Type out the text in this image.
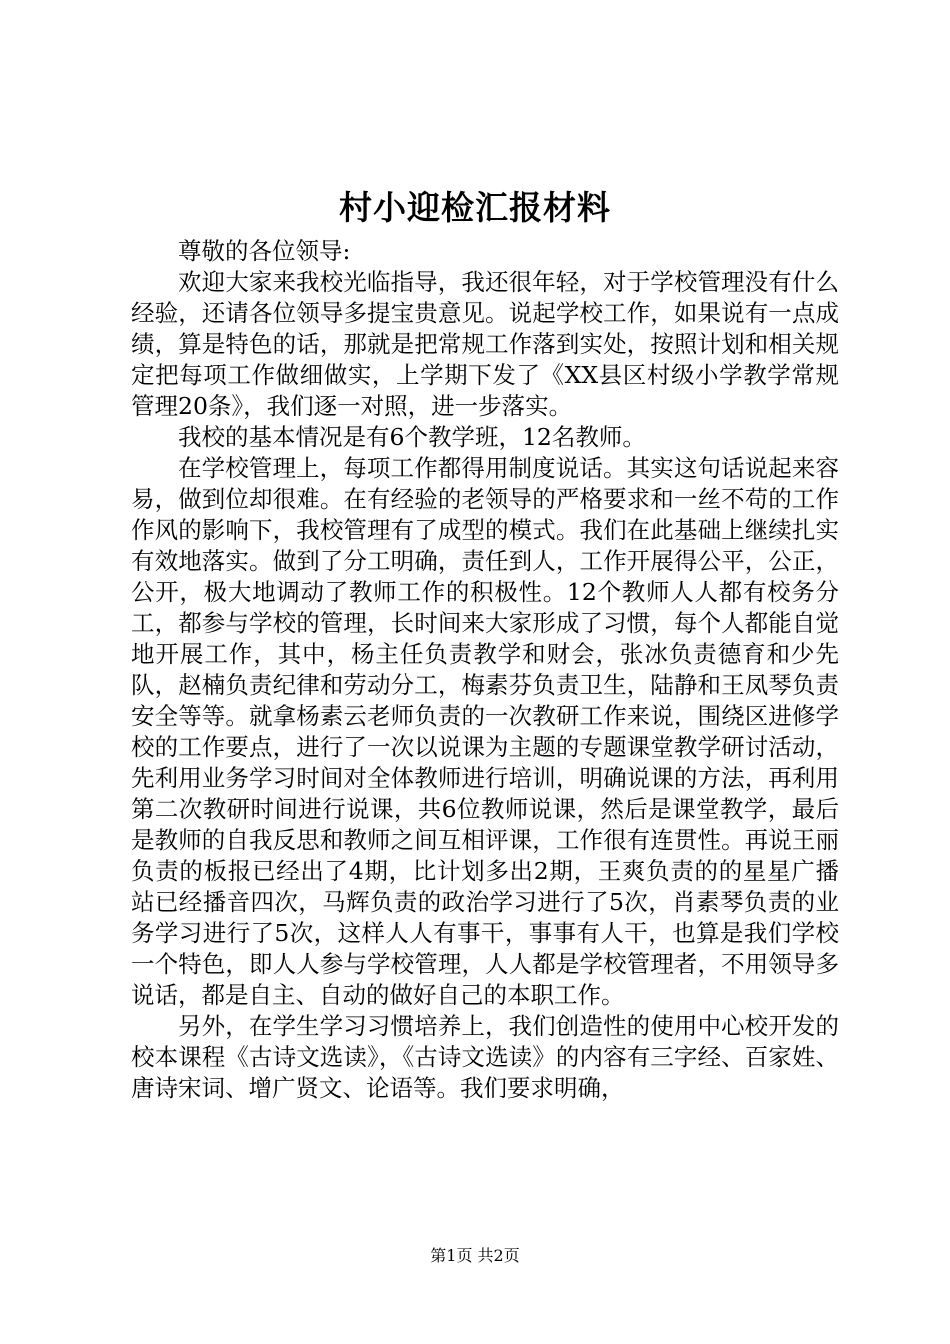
村小迎检汇报材料

尊敬的各位领导:

欢迎大家来我校光临指导，我还很年轻，对于学校管理没有什么经验，还请各位领导多提宝贵意见。说起学校工作，如果说有一点成绩，算是特色的话，那就是把常规工作落到实处，按照计划和相关规定把每项工作做细做实，上学期下发了《XX县区村级小学教学常规管理20条》，我们逐一对照，进一步落实。

我校的基本情况是有6个教学班，12名教师。

在学校管理上，每项工作都得用制度说话。其实这句话说起来容易，做到位却很难。在有经验的老领导的严格要求和一丝不苟的工作作风的影响下，我校管理有了成型的模式。我们在此基础上继续扎实有效地落实。做到了分工明确，责任到人，工作开展得公平，公正，公开，极大地调动了教师工作的积极性。12个教师人人都有校务分工，都参与学校的管理，长时间来大家形成了习惯，每个人都能自觉地开展工作，其中，杨主任负责教学和财会，张冰负责德育和少先队，赵楠负责纪律和劳动分工，梅素芬负责卫生，陆静和王凤琴负责安全等等。就拿杨素云老师负责的一次教研工作来说，围绕区进修学校的工作要点，进行了一次以说课为主题的专题课堂教学研讨活动，先利用业务学习时间对全体教师进行培训，明确说课的方法，再利用第二次教研时间进行说课，共6位教师说课，然后是课堂教学，最后是教师的自我反思和教师之间互相评课，工作很有连贯性。再说王丽负责的板报已经出了4期，比计划多出2期，王爽负责的的星星广播站已经播音四次，马辉负责的政治学习进行了5次，肖素琴负责的业务学习进行了5次，这样人人有事干，事事有人干，也算是我们学校一个特色，即人人参与学校管理，人人都是学校管理者，不用领导多说话，都是自主、自动的做好自己的本职工作。

另外，在学生学习习惯培养上，我们创造性的使用中心校开发的校本课程《古诗文选读》，《古诗文选读》的内容有三字经、百家姓、唐诗宋词、增广贤文、论语等。我们要求明确，

第1页 共2页
